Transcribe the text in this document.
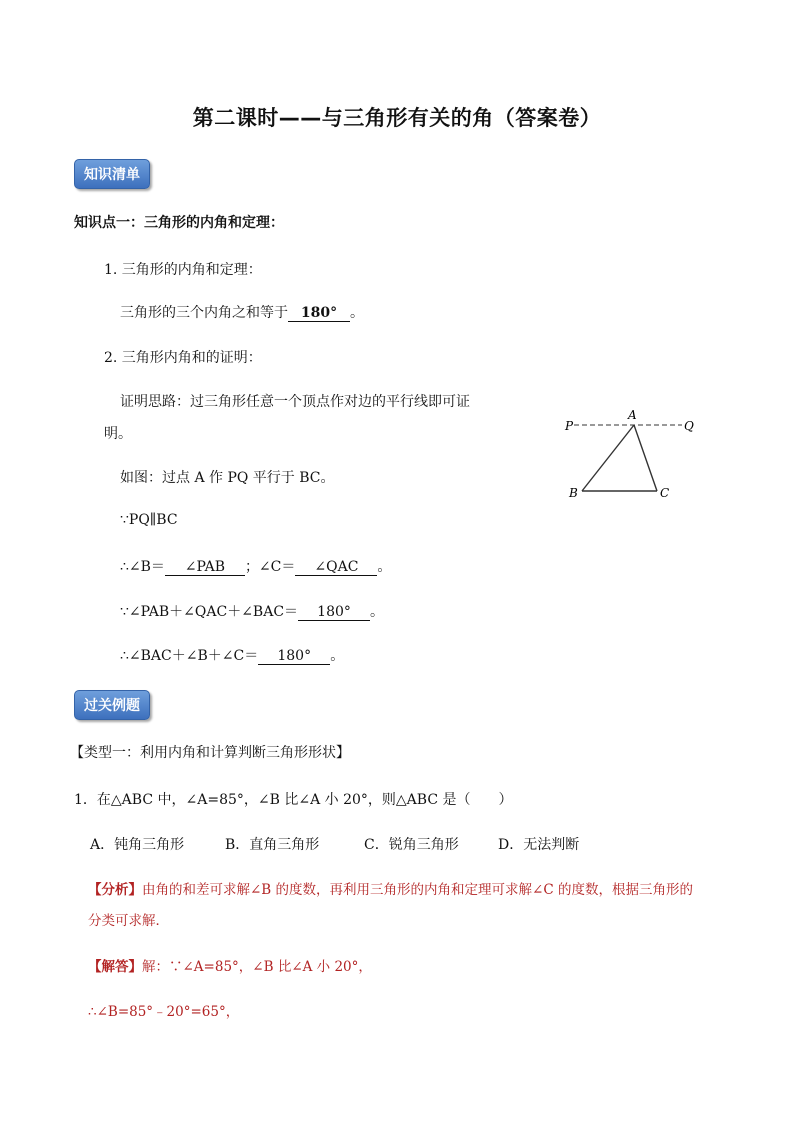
第二课时——与三角形有关的角（答案卷）
知识清单
知识点一：三角形的内角和定理：
1. 三角形的内角和定理：
三角形的三个内角之和等于 180° 。
2. 三角形内角和的证明：
证明思路：过三角形任意一个顶点作对边的平行线即可证
明。
如图：过点 A 作 PQ 平行于 BC。
∵PQ∥BC
∴∠B＝ ∠PAB ；∠C＝ ∠QAC 。
∵∠PAB＋∠QAC＋∠BAC＝ 180° 。
∴∠BAC＋∠B＋∠C＝ 180° 。
P
A
Q
B	C
过关例题
【类型一：利用内角和计算判断三角形形状】
1．在△ABC 中，∠A=85°，∠B 比∠A 小 20°，则△ABC 是（　　）
A．钝角三角形	B．直角三角形	C．锐角三角形	D．无法判断
【分析】由角的和差可求解∠B 的度数，再利用三角形的内角和定理可求解∠C 的度数，根据三角形的
分类可求解．
【解答】解：∵∠A=85°，∠B 比∠A 小 20°，
∴∠B=85°﹣20°=65°，
